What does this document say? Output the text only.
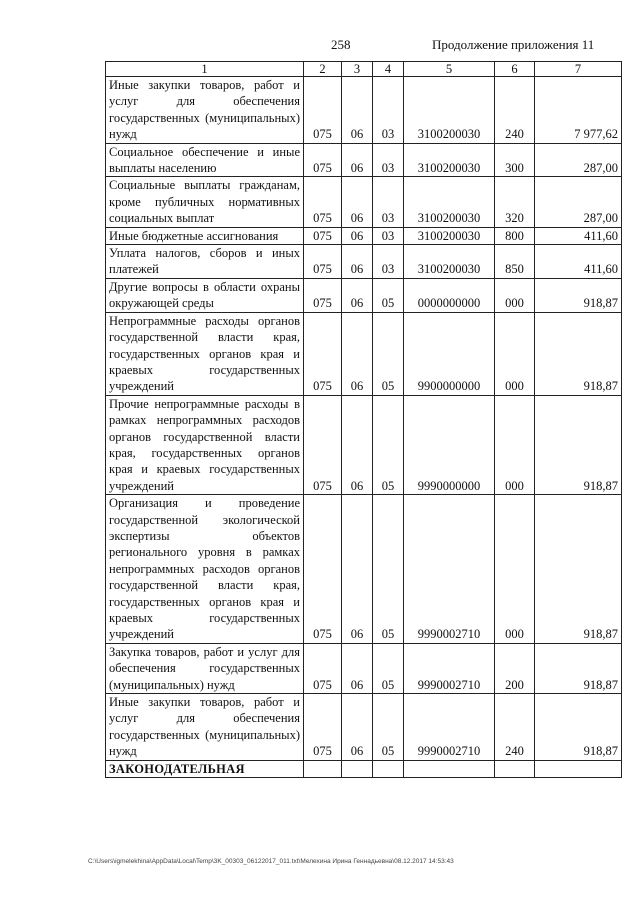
258	Продолжение приложения 11
1	2	3	4	5	6	7
Иные закупки товаров, работ и услуг для обеспечения государственных (муниципальных) нужд	075	06	03	3100200030	240	7 977,62
Социальное обеспечение и иные выплаты населению	075	06	03	3100200030	300	287,00
Социальные выплаты гражданам, кроме публичных нормативных социальных выплат	075	06	03	3100200030	320	287,00
Иные бюджетные ассигнования	075	06	03	3100200030	800	411,60
Уплата налогов, сборов и иных платежей	075	06	03	3100200030	850	411,60
Другие вопросы в области охраны окружающей среды	075	06	05	0000000000	000	918,87
Непрограммные расходы органов государственной власти края, государственных органов края и краевых государственных учреждений	075	06	05	9900000000	000	918,87
Прочие непрограммные расходы в рамках непрограммных расходов органов государственной власти края, государственных органов края и краевых государственных учреждений	075	06	05	9990000000	000	918,87
Организация и проведение государственной экологической экспертизы объектов регионального уровня в рамках непрограммных расходов органов государственной власти края, государственных органов края и краевых государственных учреждений	075	06	05	9990002710	000	918,87
Закупка товаров, работ и услуг для обеспечения государственных (муниципальных) нужд	075	06	05	9990002710	200	918,87
Иные закупки товаров, работ и услуг для обеспечения государственных (муниципальных) нужд	075	06	05	9990002710	240	918,87
ЗАКОНОДАТЕЛЬНАЯ						
C:\Users\igmelekhina\AppData\Local\Temp\3K_00303_06122017_011.txt\Мелехина Ирина Геннадьевна\08.12.2017 14:53:43
